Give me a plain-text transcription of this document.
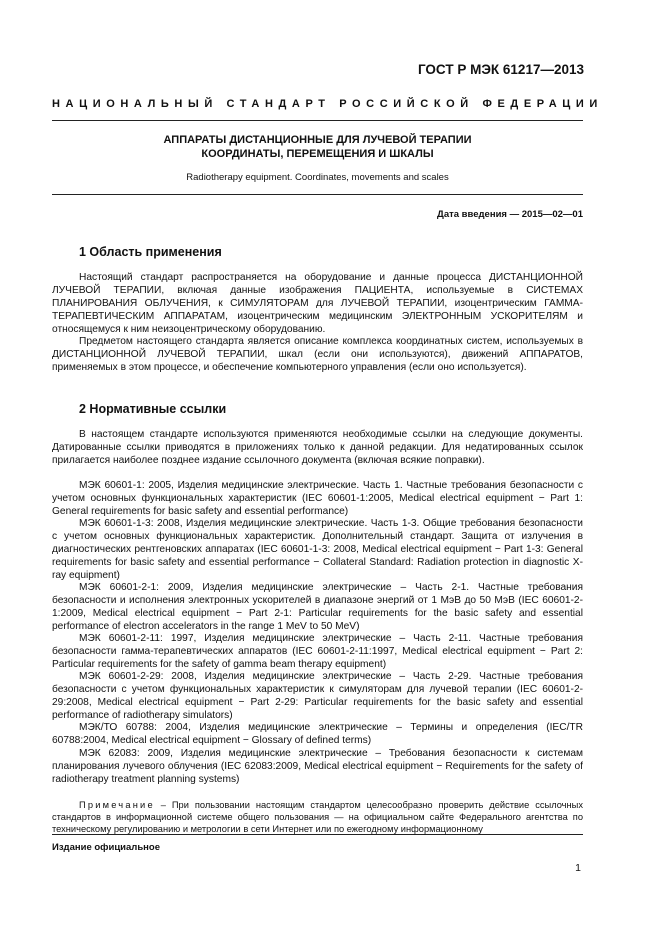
ГОСТ Р МЭК 61217—2013

НАЦИОНАЛЬНЫЙ СТАНДАРТ РОССИЙСКОЙ ФЕДЕРАЦИИ

АППАРАТЫ ДИСТАНЦИОННЫЕ ДЛЯ ЛУЧЕВОЙ ТЕРАПИИ

КООРДИНАТЫ, ПЕРЕМЕЩЕНИЯ И ШКАЛЫ

Radiotherapy equipment. Coordinates, movements and scales

Дата введения — 2015—02—01

1 Область применения

Настоящий стандарт распространяется на оборудование и данные процесса ДИСТАНЦИОННОЙ ЛУЧЕВОЙ ТЕРАПИИ, включая данные изображения ПАЦИЕНТА, используемые в СИСТЕМАХ ПЛАНИРОВАНИЯ ОБЛУЧЕНИЯ, к СИМУЛЯТОРАМ для ЛУЧЕВОЙ ТЕРАПИИ, изоцентрическим ГАММА-ТЕРАПЕВТИЧЕСКИМ АППАРАТАМ, изоцентрическим медицинским ЭЛЕКТРОННЫМ УСКОРИТЕЛЯМ и относящемуся к ним неизоцентрическому оборудованию.

Предметом настоящего стандарта является описание комплекса координатных систем, используемых в ДИСТАНЦИОННОЙ ЛУЧЕВОЙ ТЕРАПИИ, шкал (если они используются), движений АППАРАТОВ, применяемых в этом процессе, и обеспечение компьютерного управления (если оно используется).

2 Нормативные ссылки

В настоящем стандарте используются применяются необходимые ссылки на следующие документы. Датированные ссылки приводятся в приложениях только к данной редакции. Для недатированных ссылок прилагается наиболее позднее издание ссылочного документа (включая всякие поправки).

МЭК 60601-1: 2005, Изделия медицинские электрические. Часть 1. Частные требования безопасности с учетом основных функциональных характеристик (IEC 60601-1:2005, Medical electrical equipment − Part 1: General requirements for basic safety and essential performance)

МЭК 60601-1-3: 2008, Изделия медицинские электрические. Часть 1-3. Общие требования безопасности с учетом основных функциональных характеристик. Дополнительный стандарт. Защита от излучения в диагностических рентгеновских аппаратах (IEC 60601-1-3: 2008, Medical electrical equipment − Part 1-3: General requirements for basic safety and essential performance − Collateral Standard: Radiation protection in diagnostic X-ray equipment)

МЭК 60601-2-1: 2009, Изделия медицинские электрические – Часть 2-1. Частные требования безопасности и исполнения электронных ускорителей в диапазоне энергий от 1 МэВ до 50 МэВ (IEC 60601-2-1:2009, Medical electrical equipment − Part 2-1: Particular requirements for the basic safety and essential performance of electron accelerators in the range 1 MeV to 50 MeV)

МЭК 60601-2-11: 1997, Изделия медицинские электрические – Часть 2-11. Частные требования безопасности гамма-терапевтических аппаратов (IEC 60601-2-11:1997, Medical electrical equipment − Part 2: Particular requirements for the safety of gamma beam therapy equipment)

МЭК 60601-2-29: 2008, Изделия медицинские электрические – Часть 2-29. Частные требования безопасности с учетом функциональных характеристик к симуляторам для лучевой терапии (IEC 60601-2-29:2008, Medical electrical equipment − Part 2-29: Particular requirements for the basic safety and essential performance of radiotherapy simulators)

МЭК/ТО 60788: 2004, Изделия медицинские электрические – Термины и определения (IEC/TR 60788:2004, Medical electrical equipment − Glossary of defined terms)

МЭК 62083: 2009, Изделия медицинские электрические – Требования безопасности к системам планирования лучевого облучения (IEC 62083:2009, Medical electrical equipment − Requirements for the safety of radiotherapy treatment planning systems)

Примечание – При пользовании настоящим стандартом целесообразно проверить действие ссылочных стандартов в информационной системе общего пользования — на официальном сайте Федерального агентства по техническому регулированию и метрологии в сети Интернет или по ежегодному информационному

Издание официальное

1
